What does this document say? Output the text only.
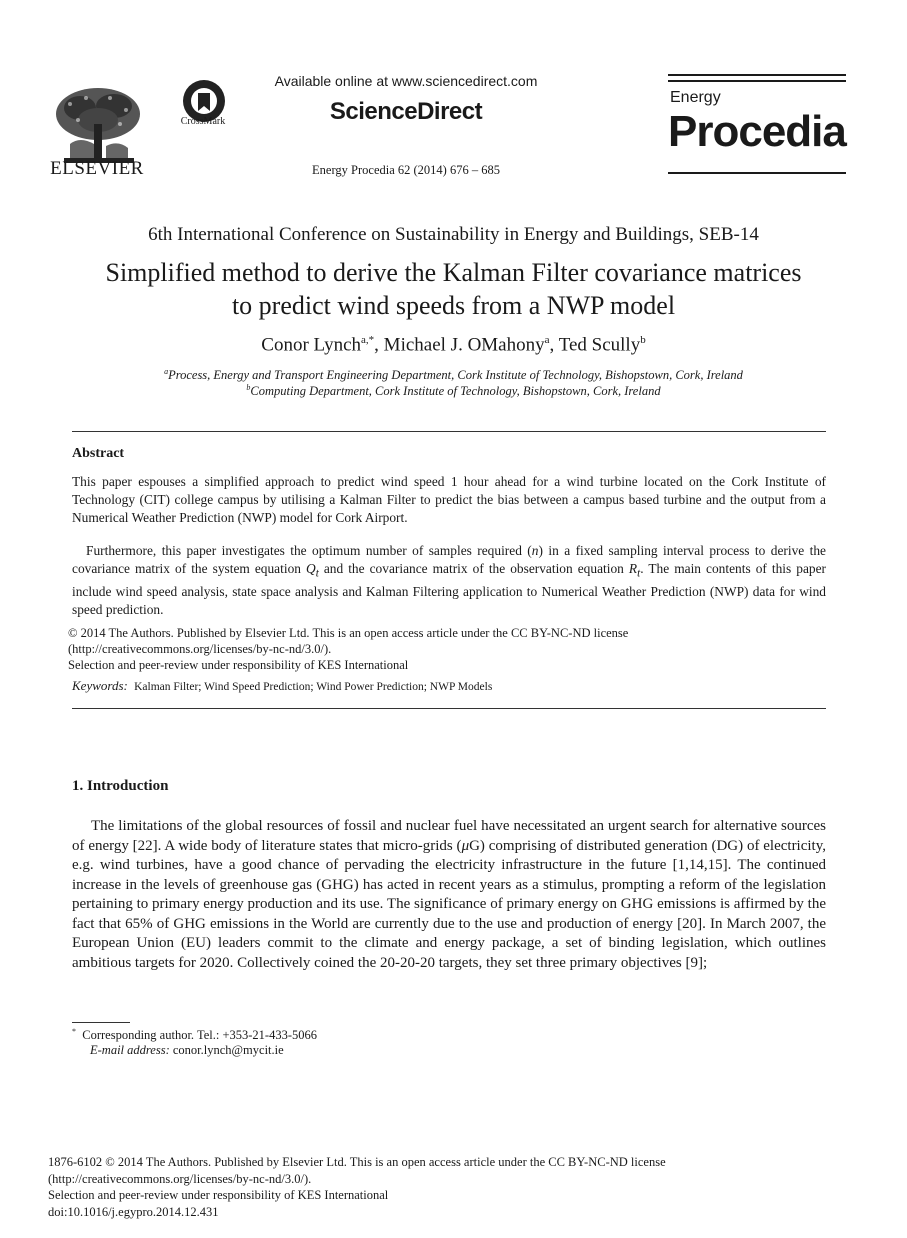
ELSEVIER
CrossMark
Available online at www.sciencedirect.com
ScienceDirect
Energy Procedia 62 (2014) 676 – 685
Energy
Procedia
6th International Conference on Sustainability in Energy and Buildings, SEB-14
Simplified method to derive the Kalman Filter covariance matrices
to predict wind speeds from a NWP model
Conor Lynch$^{a,*}$, Michael J. OMahony$^a$, Ted Scully$^b$
$^a$Process, Energy and Transport Engineering Department, Cork Institute of Technology, Bishopstown, Cork, Ireland
$^b$Computing Department, Cork Institute of Technology, Bishopstown, Cork, Ireland
Abstract
This paper espouses a simplified approach to predict wind speed 1 hour ahead for a wind turbine located on the Cork Institute of Technology (CIT) college campus by utilising a Kalman Filter to predict the bias between a campus based turbine and the output from a Numerical Weather Prediction (NWP) model for Cork Airport.
Furthermore, this paper investigates the optimum number of samples required (n) in a fixed sampling interval process to derive the covariance matrix of the system equation $Q_t$ and the covariance matrix of the observation equation $R_t$. The main contents of this paper include wind speed analysis, state space analysis and Kalman Filtering application to Numerical Weather Prediction (NWP) data for wind speed prediction.
© 2014 The Authors. Published by Elsevier Ltd. This is an open access article under the CC BY-NC-ND license
(http://creativecommons.org/licenses/by-nc-nd/3.0/).
Selection and peer-review under responsibility of KES International
Keywords: Kalman Filter; Wind Speed Prediction; Wind Power Prediction; NWP Models
1. Introduction
The limitations of the global resources of fossil and nuclear fuel have necessitated an urgent search for alternative sources of energy [22]. A wide body of literature states that micro-grids (μG) comprising of distributed generation (DG) of electricity, e.g. wind turbines, have a good chance of pervading the electricity infrastructure in the future [1,14,15]. The continued increase in the levels of greenhouse gas (GHG) has acted in recent years as a stimulus, prompting a reform of the legislation pertaining to primary energy production and its use. The significance of primary energy on GHG emissions is affirmed by the fact that 65% of GHG emissions in the World are currently due to the use and production of energy [20]. In March 2007, the European Union (EU) leaders commit to the climate and energy package, a set of binding legislation, which outlines ambitious targets for 2020. Collectively coined the 20-20-20 targets, they set three primary objectives [9];
* Corresponding author. Tel.: +353-21-433-5066
E-mail address: conor.lynch@mycit.ie
1876-6102 © 2014 The Authors. Published by Elsevier Ltd. This is an open access article under the CC BY-NC-ND license
(http://creativecommons.org/licenses/by-nc-nd/3.0/).
Selection and peer-review under responsibility of KES International
doi:10.1016/j.egypro.2014.12.431
